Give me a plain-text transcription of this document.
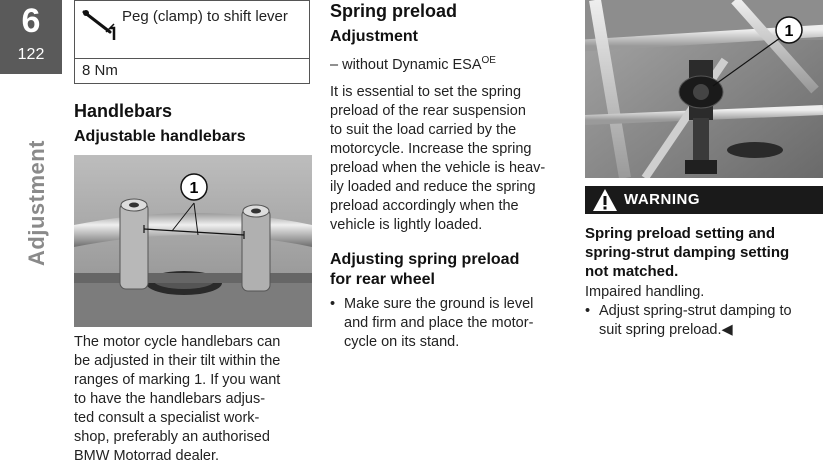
6
122
Adjustment
Peg (clamp) to shift lever
8 Nm
Handlebars
Adjustable handlebars
1

The motor cycle handlebars can

be adjusted in their tilt within the

ranges of marking 1. If you want

to have the handlebars adjus-

ted consult a specialist work-

shop, preferably an authorised

BMW Motorrad dealer.

Spring preload
Adjustment

– without Dynamic $ESA^{OE}$

It is essential to set the spring

preload of the rear suspension

to suit the load carried by the

motorcycle. Increase the spring

preload when the vehicle is heav-

ily loaded and reduce the spring

preload accordingly when the

vehicle is lightly loaded.

Adjusting spring preload
for rear wheel
• Make sure the ground is level
and firm and place the motor-
cycle on its stand.
1
WARNING
Spring preload setting and
spring-strut damping setting
not matched.

Impaired handling.

• Adjust spring-strut damping to
suit spring preload.◀
